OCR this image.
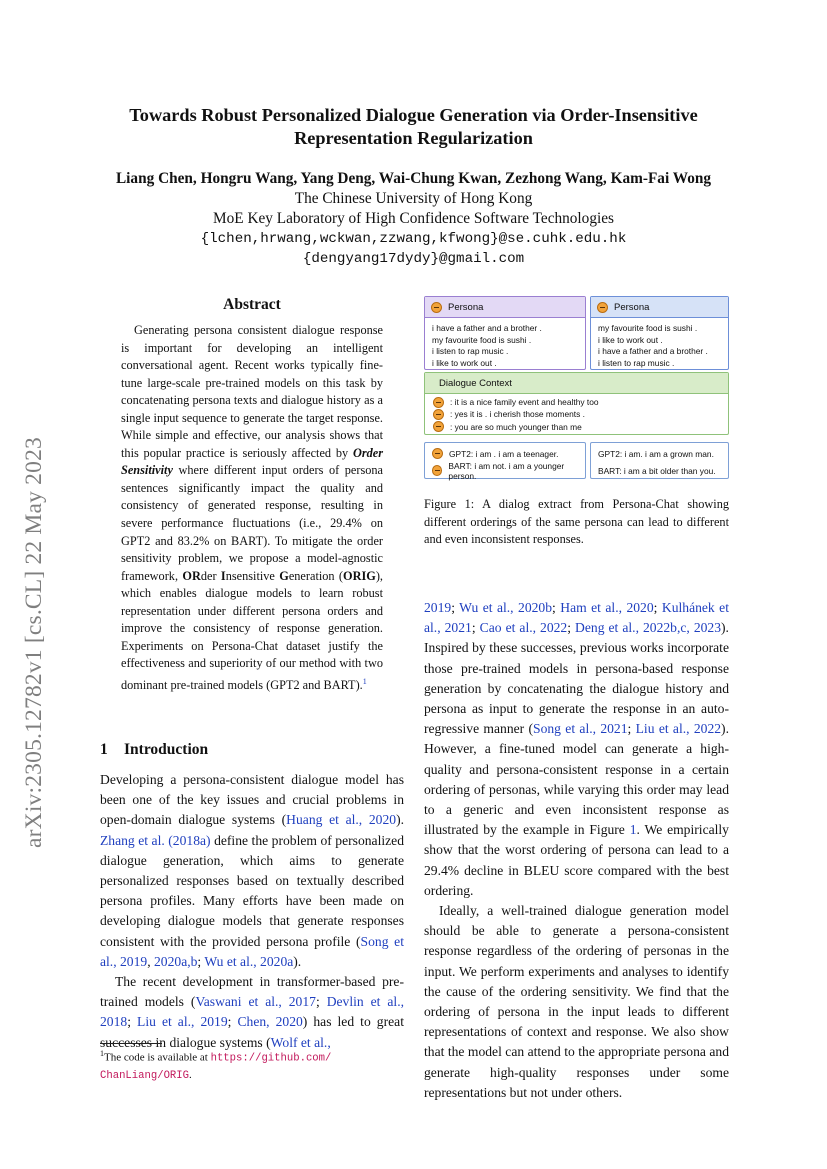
arXiv:2305.12782v1 [cs.CL] 22 May 2023
Towards Robust Personalized Dialogue Generation via Order-Insensitive
Representation Regularization
Liang Chen, Hongru Wang, Yang Deng, Wai-Chung Kwan, Zezhong Wang, Kam-Fai Wong
The Chinese University of Hong Kong
MoE Key Laboratory of High Confidence Software Technologies
{lchen,hrwang,wckwan,zzwang,kfwong}@se.cuhk.edu.hk
{dengyang17dydy}@gmail.com
Abstract
Generating persona consistent dialogue response is important for developing an intelligent conversational agent. Recent works typically fine-tune large-scale pre-trained models on this task by concatenating persona texts and dialogue history as a single input sequence to generate the target response. While simple and effective, our analysis shows that this popular practice is seriously affected by Order Sensitivity where different input orders of persona sentences significantly impact the quality and consistency of generated response, resulting in severe performance fluctuations (i.e., 29.4% on GPT2 and 83.2% on BART). To mitigate the order sensitivity problem, we propose a model-agnostic framework, ORder Insensitive Generation (ORIG), which enables dialogue models to learn robust representation under different persona orders and improve the consistency of response generation. Experiments on Persona-Chat dataset justify the effectiveness and superiority of our method with two dominant pre-trained models (GPT2 and BART).$^1$
1 Introduction

Developing a persona-consistent dialogue model has been one of the key issues and crucial problems in open-domain dialogue systems (Huang et al., 2020). Zhang et al. (2018a) define the problem of personalized dialogue generation, which aims to generate personalized responses based on textually described persona profiles. Many efforts have been made on developing dialogue models that generate responses consistent with the provided persona profile (Song et al., 2019, 2020a,b; Wu et al., 2020a).

The recent development in transformer-based pre-trained models (Vaswani et al., 2017; Devlin et al., 2018; Liu et al., 2019; Chen, 2020) has led to great successes in dialogue systems (Wolf et al.,

$^1$The code is available at https://github.com/
ChanLiang/ORIG.
Persona
i have a father and a brother .
my favourite food is sushi .
i listen to rap music .
i like to work out .
Persona
my favourite food is sushi .
i like to work out .
i have a father and a brother .
i listen to rap music .
Dialogue Context
: it is a nice family event and healthy too
: yes it is . i cherish those moments .
: you are so much younger than me
GPT2: i am . i am a teenager.
BART: i am not. i am a younger person.
GPT2: i am. i am a grown man.
BART: i am a bit older than you.
Figure 1: A dialog extract from Persona-Chat showing different orderings of the same persona can lead to different and even inconsistent responses.

2019; Wu et al., 2020b; Ham et al., 2020; Kulhánek et al., 2021; Cao et al., 2022; Deng et al., 2022b,c, 2023). Inspired by these successes, previous works incorporate those pre-trained models in persona-based response generation by concatenating the dialogue history and persona as input to generate the response in an auto-regressive manner (Song et al., 2021; Liu et al., 2022). However, a fine-tuned model can generate a high-quality and persona-consistent response in a certain ordering of personas, while varying this order may lead to a generic and even inconsistent response as illustrated by the example in Figure 1. We empirically show that the worst ordering of persona can lead to a 29.4% decline in BLEU score compared with the best ordering.

Ideally, a well-trained dialogue generation model should be able to generate a persona-consistent response regardless of the ordering of personas in the input. We perform experiments and analyses to identify the cause of the ordering sensitivity. We find that the ordering of persona in the input leads to different representations of context and response. We also show that the model can attend to the appropriate persona and generate high-quality responses under some representations but not under others.
